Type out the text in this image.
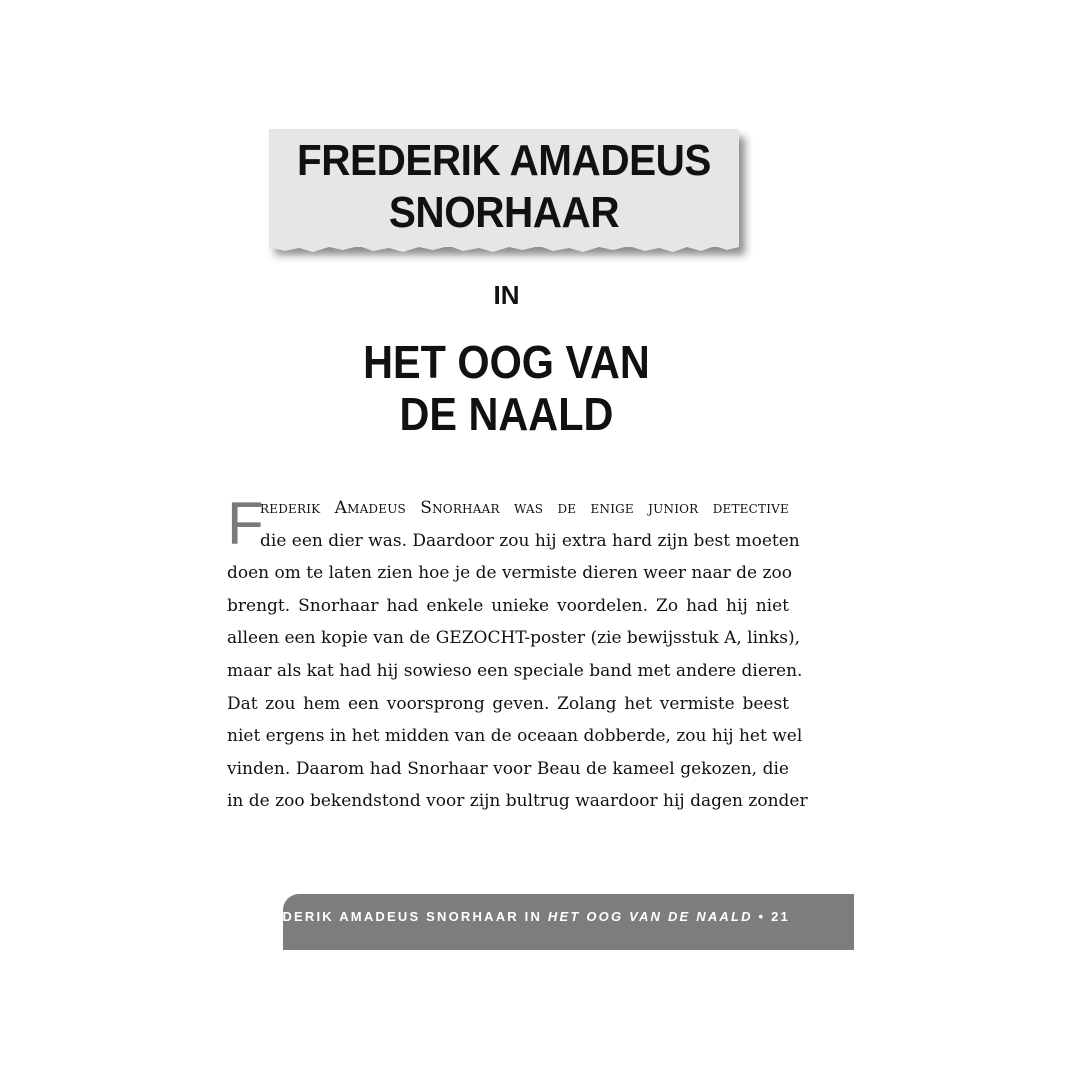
FREDERIK AMADEUS
SNORHAAR
IN
HET OOG VAN
DE NAALD
F
rederik Amadeus Snorhaar was de enige junior detective
die een dier was. Daardoor zou hij extra hard zijn best moeten
doen om te laten zien hoe je de vermiste dieren weer naar de zoo
brengt. Snorhaar had enkele unieke voordelen. Zo had hij niet
alleen een kopie van de GEZOCHT-poster (zie bewijsstuk A, links),
maar als kat had hij sowieso een speciale band met andere dieren.
Dat zou hem een voorsprong geven. Zolang het vermiste beest
niet ergens in het midden van de oceaan dobberde, zou hij het wel
vinden. Daarom had Snorhaar voor Beau de kameel gekozen, die
in de zoo bekendstond voor zijn bultrug waardoor hij dagen zonder
FREDERIK AMADEUS SNORHAAR IN HET OOG VAN DE NAALD • 21
